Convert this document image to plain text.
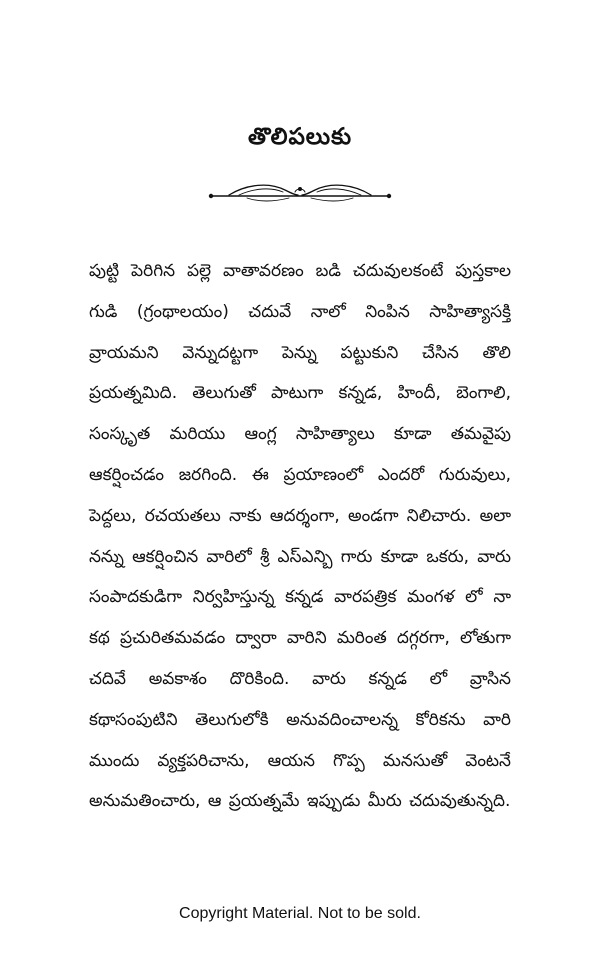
తొలిపలుకు

పుట్టి పెరిగిన పల్లె వాతావరణం బడి చదువులకంటే పుస్తకాల గుడి (గ్రంథాలయం) చదువే నాలో నింపిన సాహిత్యాసక్తి వ్రాయమని వెన్నుదట్టగా పెన్ను పట్టుకుని చేసిన తొలి ప్రయత్నమిది. తెలుగుతో పాటుగా కన్నడ, హిందీ, బెంగాలి, సంస్కృత మరియు ఆంగ్ల సాహిత్యాలు కూడా తమవైపు ఆకర్షించడం జరగింది. ఈ ప్రయాణంలో ఎందరో గురువులు, పెద్దలు, రచయతలు నాకు ఆదర్శంగా, అండగా నిలిచారు. అలా నన్ను ఆకర్షించిన వారిలో శ్రీ ఎస్ఎన్బి గారు కూడా ఒకరు, వారు సంపాదకుడిగా నిర్వహిస్తున్న కన్నడ వారపత్రిక మంగళ లో నా కథ ప్రచురితమవడం ద్వారా వారిని మరింత దగ్గరగా, లోతుగా చదివే అవకాశం దొరికింది. వారు కన్నడ లో వ్రాసిన కథాసంపుటిని తెలుగులోకి అనువదించాలన్న కోరికను వారి ముందు వ్యక్తపరిచాను, ఆయన గొప్ప మనసుతో వెంటనే అనుమతించారు, ఆ ప్రయత్నమే ఇప్పుడు మీరు చదువుతున్నది.

Copyright Material. Not to be sold.
